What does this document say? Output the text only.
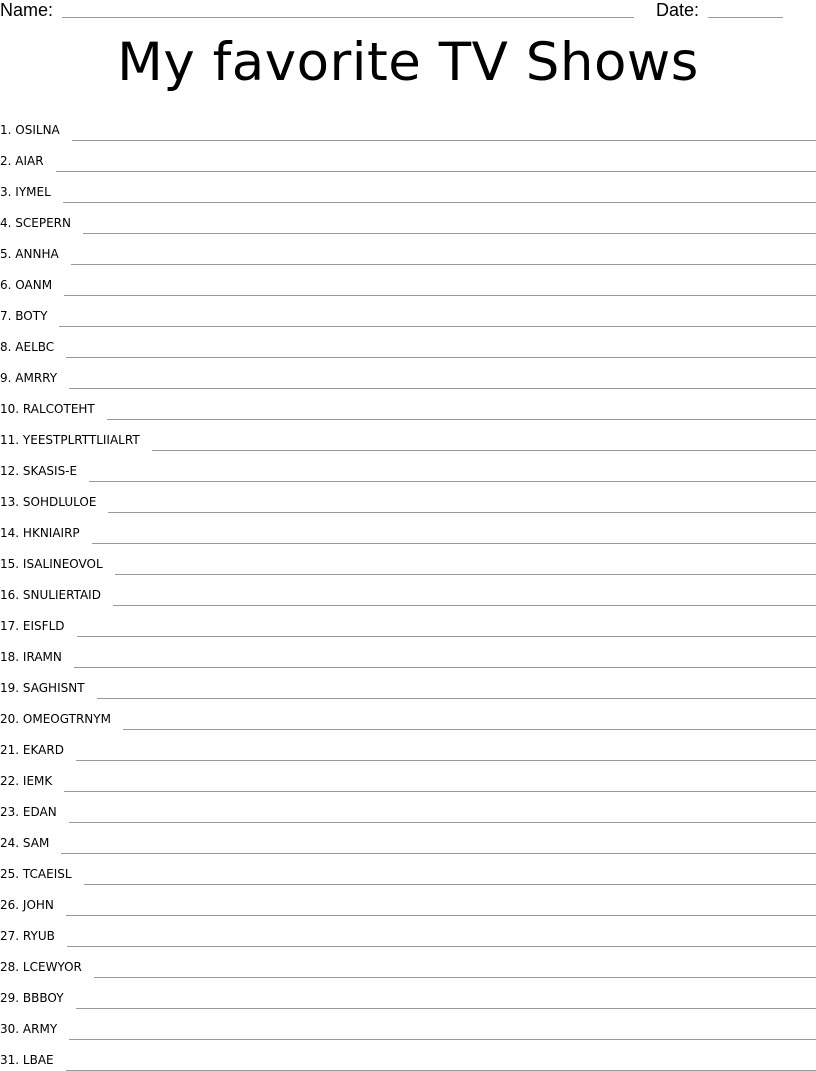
Name:	Date:
My favorite TV Shows
1. OSILNA
2. AIAR
3. IYMEL
4. SCEPERN
5. ANNHA
6. OANM
7. BOTY
8. AELBC
9. AMRRY
10. RALCOTEHT
11. YEESTPLRTTLIIALRT
12. SKASIS-E
13. SOHDLULOE
14. HKNIAIRP
15. ISALINEOVOL
16. SNULIERTAID
17. EISFLD
18. IRAMN
19. SAGHISNT
20. OMEOGTRNYM
21. EKARD
22. IEMK
23. EDAN
24. SAM
25. TCAEISL
26. JOHN
27. RYUB
28. LCEWYOR
29. BBBOY
30. ARMY
31. LBAE
